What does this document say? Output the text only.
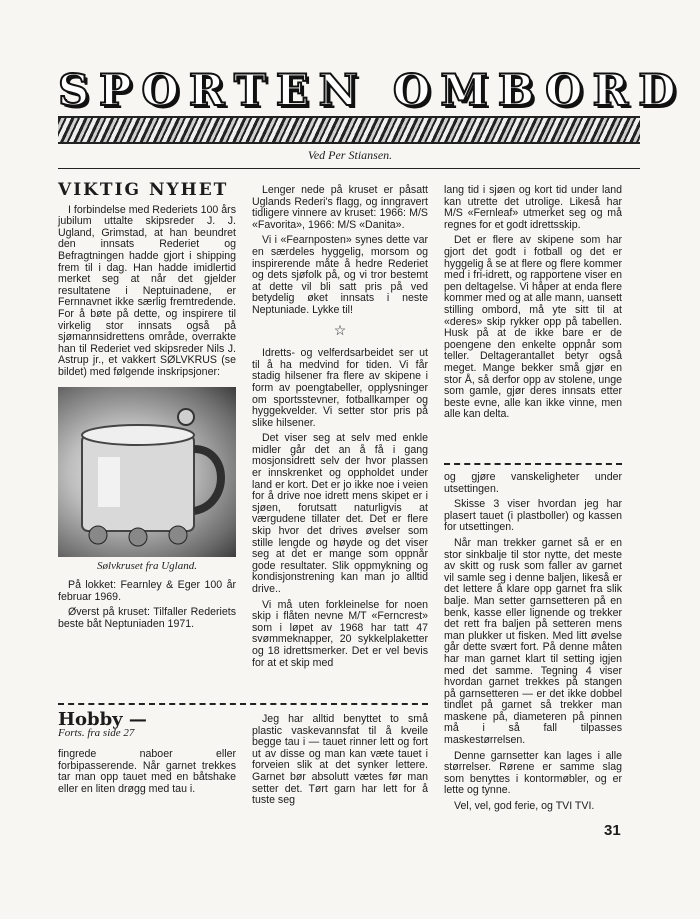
SPORTEN OMBORD
Ved Per Stiansen.
VIKTIG NYHET

I forbindelse med Rederiets 100 års jubilum uttalte skipsreder J. J. Ugland, Grimstad, at han beundret den innsats Rederiet og Befragtningen hadde gjort i shipping frem til i dag. Han hadde imidlertid merket seg at når det gjelder resultatene i Neptuinadene, er Fernnavnet ikke særlig fremtredende. For å bøte på dette, og inspirere til virkelig stor innsats også på sjømannsidrettens område, overrakte han til Rederiet ved skipsreder Nils J. Astrup jr., et vakkert SØLVKRUS (se bildet) med følgende inskripsjoner:

Sølvkruset fra Ugland.

På lokket: Fearnley & Eger 100 år februar 1969.

Øverst på kruset: Tilfaller Rederiets beste båt Neptuniaden 1971.

Lenger nede på kruset er påsatt Uglands Rederi's flagg, og inngravert tidligere vinnere av kruset: 1966: M/S «Favorita», 1966: M/S «Danita».

Vi i «Fearnposten» synes dette var en særdeles hyggelig, morsom og inspirerende måte å hedre Rederiet og dets sjøfolk på, og vi tror bestemt at dette vil bli satt pris på ved betydelig øket innsats i neste Neptuniade. Lykke til!

☆

Idretts- og velferdsarbeidet ser ut til å ha medvind for tiden. Vi får stadig hilsener fra flere av skipene i form av poengtabeller, opplysninger om sportsstevner, fotballkamper og hyggekvelder. Vi setter stor pris på slike hilsener.

Det viser seg at selv med enkle midler går det an å få i gang mosjonsidrett selv der hvor plassen er innskrenket og oppholdet under land er kort. Det er jo ikke noe i veien for å drive noe idrett mens skipet er i sjøen, forutsatt naturligvis at værgudene tillater det. Det er flere skip hvor det drives øvelser som stille lengde og høyde og det viser seg at det er mange som oppnår gode resultater. Slik oppmykning og kondisjonstrening kan man jo alltid drive..

Vi må uten forkleinelse for noen skip i flåten nevne M/T «Ferncrest» som i løpet av 1968 har tatt 47 svømmeknapper, 20 sykkelplaketter og 18 idrettsmerker. Det er vel bevis for at et skip med

lang tid i sjøen og kort tid under land kan utrette det utrolige. Likeså har M/S «Fernleaf» utmerket seg og må regnes for et godt idrettsskip.

Det er flere av skipene som har gjort det godt i fotball og det er hyggelig å se at flere og flere kommer med i fri-idrett, og rapportene viser en pen deltagelse. Vi håper at enda flere kommer med og at alle mann, uansett stilling ombord, må yte sitt til at «deres» skip rykker opp på tabellen. Husk på at de ikke bare er de poengene den enkelte oppnår som teller. Deltagerantallet betyr også meget. Mange bekker små gjør en stor Å, så derfor opp av stolene, unge som gamle, gjør deres innsats etter beste evne, alle kan ikke vinne, men alle kan delta.

og gjøre vanskeligheter under utsettingen.

Skisse 3 viser hvordan jeg har plasert tauet (i plastboller) og kassen for utsettingen.

Når man trekker garnet så er en stor sinkbalje til stor nytte, det meste av skitt og rusk som faller av garnet vil samle seg i denne baljen, likeså er det lettere å klare opp garnet fra slik balje. Man setter garnsetteren på en benk, kasse eller lignende og trekker det rett fra baljen på setteren mens man plukker ut fisken. Med litt øvelse går dette svært fort. På denne måten har man garnet klart til setting igjen med det samme. Tegning 4 viser hvordan garnet trekkes på stangen på garnsetteren — er det ikke dobbel tindlet på garnet så trekker man maskene på, diameteren på pinnen må i så fall tilpasses maskestørrelsen.

Denne garnsetter kan lages i alle størrelser. Rørene er samme slag som benyttes i kontormøbler, og er lette og tynne.

Vel, vel, god ferie, og TVI TVI.

Hobby —
Forts. fra side 27

fingrede naboer eller forbipasserende. Når garnet trekkes tar man opp tauet med en båtshake eller en liten drøgg med tau i.

Jeg har alltid benyttet to små plastic vaskevannsfat til å kveile begge tau i — tauet rinner lett og fort ut av disse og man kan væte tauet i forveien slik at det synker lettere. Garnet bør absolutt vætes før man setter det. Tørt garn har lett for å tuste seg

31
